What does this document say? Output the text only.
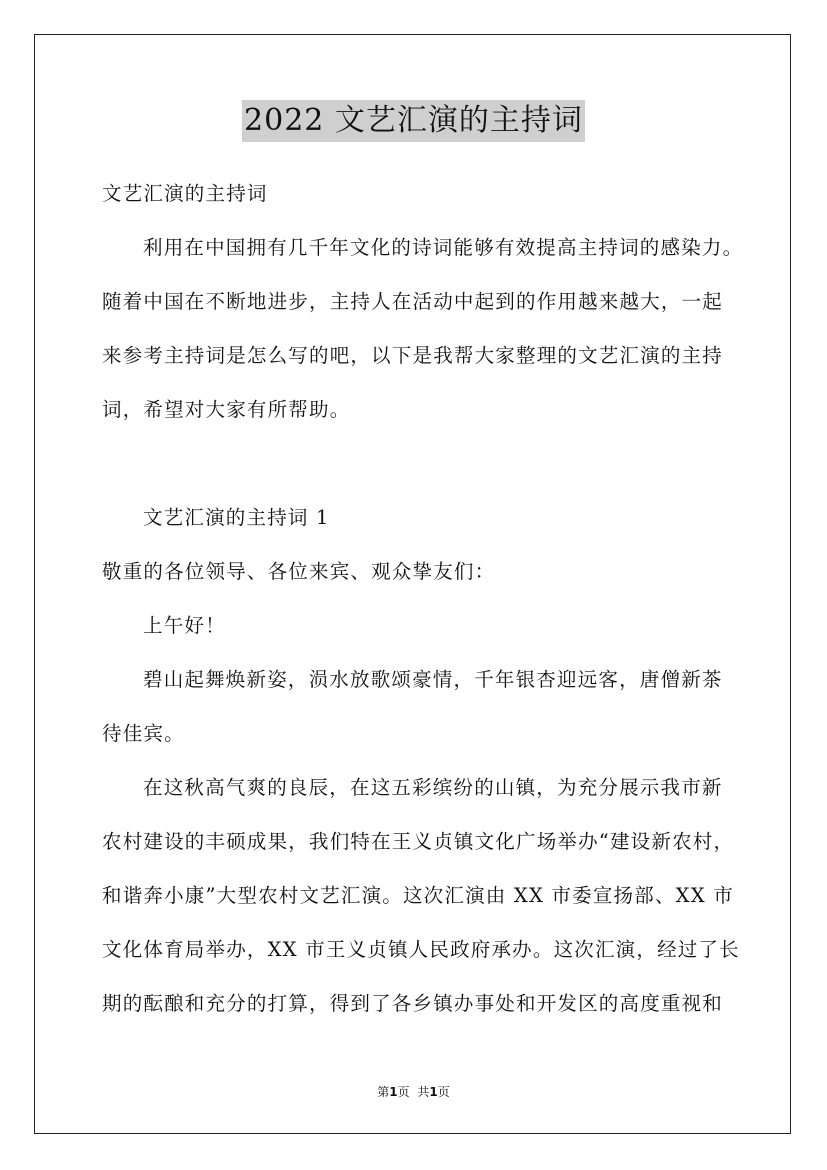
2022 文艺汇演的主持词
文艺汇演的主持词
利用在中国拥有几千年文化的诗词能够有效提高主持词的感染力。
随着中国在不断地进步，主持人在活动中起到的作用越来越大，一起
来参考主持词是怎么写的吧，以下是我帮大家整理的文艺汇演的主持
词，希望对大家有所帮助。
文艺汇演的主持词 1
敬重的各位领导、各位来宾、观众挚友们：
上午好！
碧山起舞焕新姿，涢水放歌颂豪情，千年银杏迎远客，唐僧新茶
待佳宾。
在这秋高气爽的良辰，在这五彩缤纷的山镇，为充分展示我市新
农村建设的丰硕成果，我们特在王义贞镇文化广场举办“建设新农村，
和谐奔小康”大型农村文艺汇演。这次汇演由 XX 市委宣扬部、XX 市
文化体育局举办，XX 市王义贞镇人民政府承办。这次汇演，经过了长
期的酝酿和充分的打算，得到了各乡镇办事处和开发区的高度重视和
第1页 共1页
